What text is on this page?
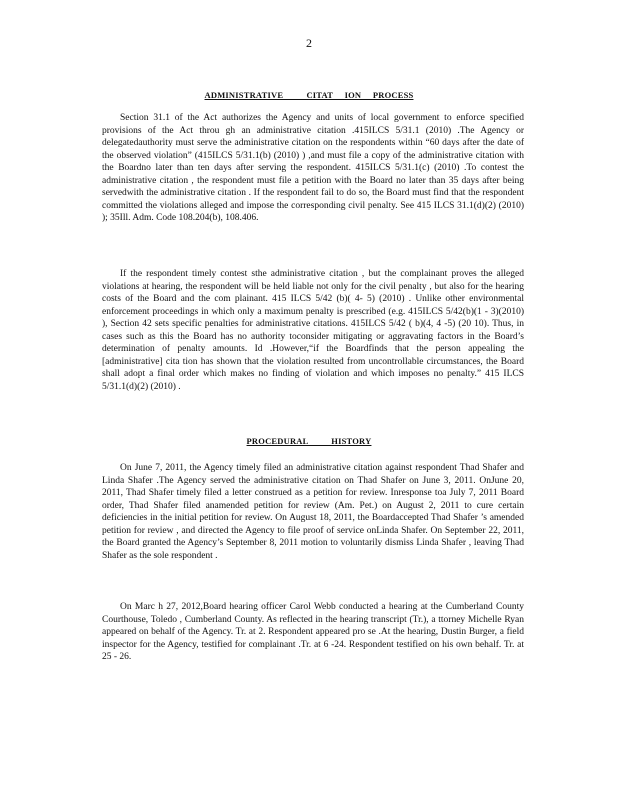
2
ADMINISTRATIVE          CITAT     ION     PROCESS

Section 31.1 of the Act authorizes the Agency and units of local government to enforce specified provisions of the Act throu gh an administrative citation .415ILCS 5/31.1 (2010) .The Agency or delegatedauthority must serve the administrative citation on the respondents within “60 days after the date of the observed violation” (415ILCS 5/31.1(b) (2010) ) ,and must file a copy of the administrative citation with the Boardno later than ten days after serving the respondent. 415ILCS 5/31.1(c) (2010) .To contest the administrative citation , the respondent must file a petition with the Board no later than 35 days after being servedwith the administrative citation . If the respondent fail to do so, the Board must find that the respondent committed the violations alleged and impose the corresponding civil penalty. See 415 ILCS 31.1(d)(2) (2010) ); 35Ill. Adm. Code 108.204(b), 108.406.

If the respondent timely contest sthe administrative citation , but the complainant proves the alleged violations at hearing, the respondent will be held liable not only for the civil penalty , but also for the hearing costs of the Board and the com plainant. 415 ILCS 5/42 (b)( 4- 5) (2010) . Unlike other environmental enforcement proceedings in which only a maximum penalty is prescribed (e.g. 415ILCS 5/42(b)(1 - 3)(2010) ), Section 42 sets specific penalties for administrative citations. 415ILCS 5/42 ( b)(4, 4 -5) (20 10). Thus, in cases such as this the Board has no authority toconsider mitigating or aggravating factors in the Board’s determination of penalty amounts. Id .However,“if the Boardfinds that the person appealing the [administrative] cita tion has shown that the violation resulted from uncontrollable circumstances, the Board shall adopt a final order which makes no finding of violation and which imposes no penalty.” 415 ILCS 5/31.1(d)(2) (2010) .

PROCEDURAL          HISTORY

On June 7, 2011, the Agency timely filed an administrative citation against respondent Thad Shafer and Linda Shafer .The Agency served the administrative citation on Thad Shafer on June 3, 2011. OnJune 20, 2011, Thad Shafer timely filed a letter construed as a petition for review. Inresponse toa July 7, 2011 Board order, Thad Shafer filed anamended petition for review (Am. Pet.) on August 2, 2011 to cure certain deficiencies in the initial petition for review. On August 18, 2011, the Boardaccepted Thad Shafer ’s amended petition for review , and directed the Agency to file proof of service onLinda Shafer. On September 22, 2011, the Board granted the Agency’s September 8, 2011 motion to voluntarily dismiss Linda Shafer , leaving Thad Shafer as the sole respondent .

On Marc h 27, 2012,Board hearing officer Carol Webb conducted a hearing at the Cumberland County Courthouse, Toledo , Cumberland County. As reflected in the hearing transcript (Tr.), a ttorney Michelle Ryan appeared on behalf of the Agency. Tr. at 2. Respondent appeared pro se .At the hearing, Dustin Burger, a field inspector for the Agency, testified for complainant .Tr. at 6 -24. Respondent testified on his own behalf. Tr. at 25 - 26.
